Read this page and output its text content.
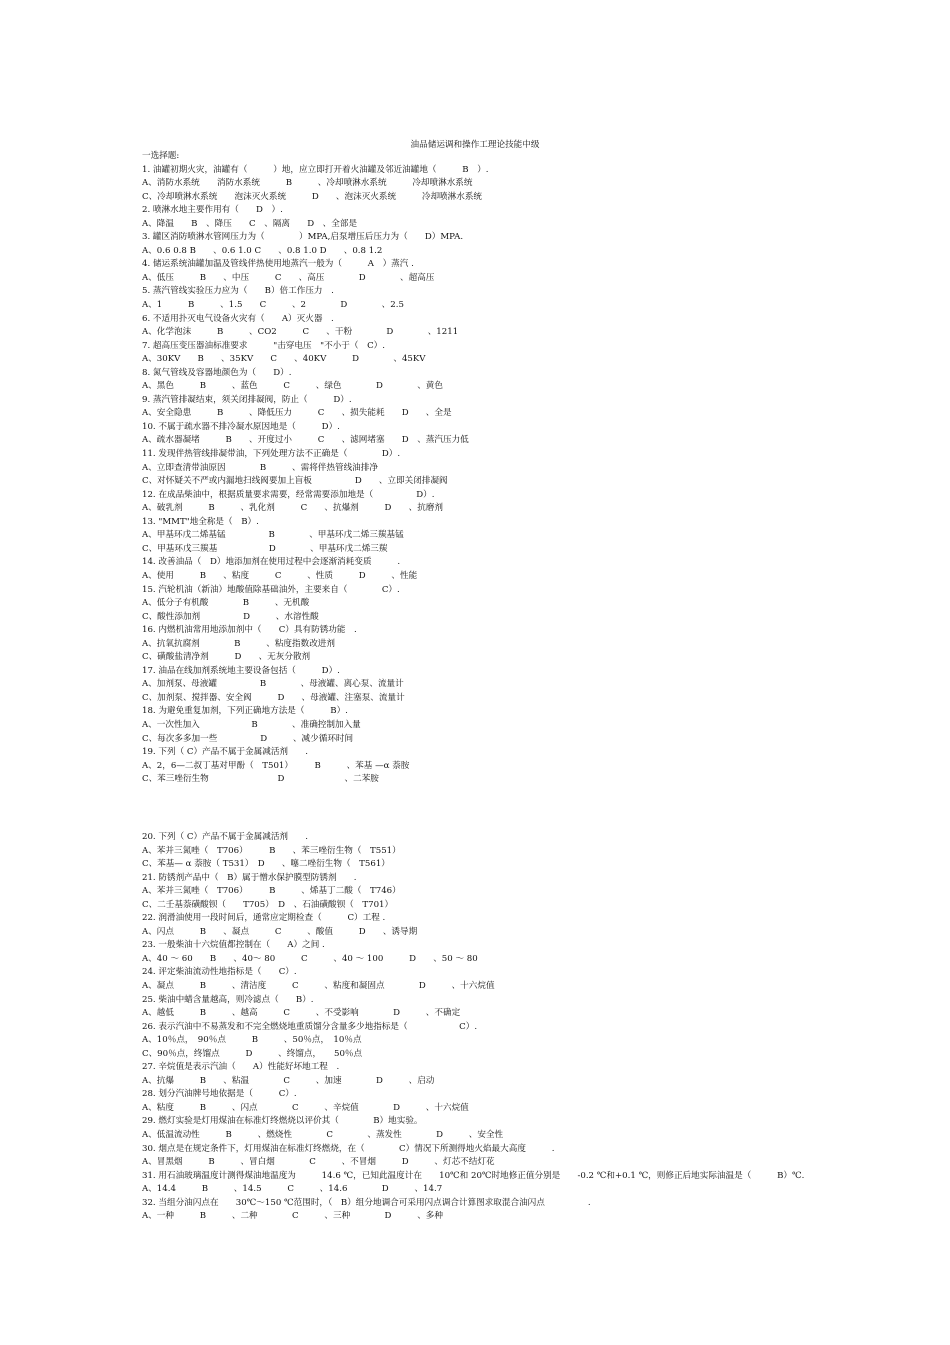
油品储运调和操作工理论技能中级
一选择题:
1. 油罐初期火灾，油罐有（　　　）地，应立即打开着火油罐及邻近油罐地（　　　B　）.
A、消防水系统　　消防水系统　　　B　　　、冷却喷淋水系统　　　冷却喷淋水系统
C、冷却喷淋水系统　　泡沫灭火系统　　　D　　、泡沫灭火系统　　　冷却喷淋水系统
2. 喷淋水地主要作用有（　　D　）.
A、降温　　B　、降压　　C　、隔离　　D　、全部是
3. 罐区消防喷淋水管网压力为（　　　　）MPA,启泵增压后压力为（　　D）MPA.
A、0.6 0.8 B　　、0.6 1.0 C　　、0.8 1.0 D　　、0.8 1.2
4. 储运系统油罐加温及管线伴热使用地蒸汽一般为（　　　A　）蒸汽 .
A、低压　　　B　　、中压　　　C　　、高压　　　　D　　　　、超高压
5. 蒸汽管线实验压力应为（　　B）倍工作压力　.
A、1　　　B　　　、1.5　　C　　　、2　　　　D　　　　、2.5
6. 不适用扑灭电气设备火灾有（　　A）灭火器　.
A、化学泡沫　　　B　　　、CO2　　　C　　、干粉　　　　D　　　　、1211
7. 超高压变压器油标准要求　　　"击穿电压　"不小于（　C）.
A、30KV　　B　　、35KV　　C　　、40KV　　　D　　　　、45KV
8. 氮气管线及容器地颜色为（　　D）.
A、黑色　　　B　　　、蓝色　　　C　　　、绿色　　　　D　　　　、黄色
9. 蒸汽管排凝结束，须关闭排凝阀，防止（　　　D）.
A、安全隐患　　　B　　　、降低压力　　　C　　、损失能耗　　D　　、全是
10. 不属于疏水器不排冷凝水原因地是（　　　D）.
A、疏水器凝堵　　　B　　、开度过小　　　C　　、滤网堵塞　　D　、蒸汽压力低
11. 发现伴热管线排凝带油，下列处理方法不正确是（　　　　D）.
A、立即查清带油原因　　　　B　　　、需将伴热管线油排净
C、对怀疑关不严或内漏地扫线阀要加上盲板　　　　　D　　、立即关闭排凝阀
12. 在成品柴油中，根据质量要求需要，经常需要添加地是（　　　　　D）.
A、破乳剂　　　B　　　、乳化剂　　　C　　、抗爆剂　　　D　　、抗磨剂
13. "MMT"地全称是（　B）.
A、甲基环戊二烯基锰　　　　　B　　　　、甲基环戊二烯三羰基锰
C、甲基环戊三羰基　　　　　　D　　　　、甲基环戊二烯三羰
14. 改善油品（　D）地添加剂在使用过程中会逐渐消耗变质　　　.
A、使用　　　B　　、粘度　　　C　　　、性质　　　D　　　、性能
15. 汽轮机油（新油）地酸值除基础油外，主要来自（　　　　C）.
A、低分子有机酸　　　　B　　　、无机酸
C、酸性添加剂　　　　　D　　　、水溶性酸
16. 内燃机油常用地添加剂中（　　C）具有防锈功能　.
A、抗氧抗腐剂　　　　B　　　、粘度指数改进剂
C、磺酸盐清净剂　　　D　　、无灰分散剂
17. 油品在线加剂系统地主要设备包括（　　　D）.
A、加剂泵、母液罐　　　　　B　　　　、母液罐、离心泵、流量计
C、加剂泵、搅拌器、安全阀　　　D　　、母液罐、注塞泵、流量计
18. 为避免重复加剂，下列正确地方法是（　　　B）.
A、一次性加入　　　　　　B　　　　、准确控制加入量
C、每次多多加一些　　　　　D　　　、减少循环时间
19. 下列（ C）产品不属于金属减活剂　　.
A、2，6—二叔丁基对甲酚（　T501）　　　B　　　、苯基 —α 萘胺
C、苯三唑衍生物　　　　　　　　D　　　　　　　、二苯胺
20. 下列（ C）产品不属于金属减活剂　　.
A、苯并三氮唑（　T706）　　　B　　、苯三唑衍生物（　T551）
C、苯基— α 萘胺（ T531）　D　　、噻二唑衍生物（　T561）
21. 防锈剂产品中（　B）属于憎水保护膜型防锈剂　　.
A、苯并三氮唑（　T706）　　　B　　　、烯基丁二酸（　T746）
C、二壬基萘磺酸钡（　　T705）　D　、石油磺酸钡（　T701）
22. 润滑油使用一段时间后，通常应定期检查（　　　C）工程 .
A、闪点　　　B　　、凝点　　　C　　　、酸值　　　D　　、诱导期
23. 一般柴油十六烷值都控制在（　　A）之间 .
A、40 ～ 60　　B　　、40～ 80　　　C　　　、40 ～ 100　　　D　　、50 ～ 80
24. 评定柴油流动性地指标是（　　C）.
A、凝点　　　B　　　、清洁度　　　C　　　、粘度和凝固点　　　　D　　　、十六烷值
25. 柴油中蜡含量越高，则冷滤点（　　B）.
A、越低　　　B　　　、越高　　　C　　　、不受影响　　　　D　　　、不确定
26. 表示汽油中不易蒸发和不完全燃烧地重质馏分含量多少地指标是（　　　　　　C）.
A、10％点，　90％点　　　B　　　、50％点，　10％点
C、90％点，终馏点　　　D　　　、终馏点，　　50％点
27. 辛烷值是表示汽油（　　A）性能好坏地工程　.
A、抗爆　　　B　　、粘温　　　　C　　　、加速　　　　D　　　、启动
28. 划分汽油牌号地依据是（　　　C）.
A、粘度　　　B　　　、闪点　　　　C　　　、辛烷值　　　　D　　　、十六烷值
29. 燃灯实验是灯用煤油在标准灯终燃烧以评价其（　　　　B）地实验。
A、低温流动性　　　B　　　、燃烧性　　　　C　　　　、蒸发性　　　　D　　　、安全性
30. 烟点是在规定条件下，灯用煤油在标准灯终燃烧，在（　　　　C）情况下所测得地火焰最大高度　　　.
A、冒黑烟　　　B　　　、冒白烟　　　　C　　　、不冒烟　　　D　　　、灯芯不结灯花
31. 用石油玻璃温度计测得煤油地温度为　　　14.6 ℃，已知此温度计在　　10℃和 20℃时地修正值分别是　　-0.2 ℃和+0.1 ℃，则修正后地实际油温是（　　　B）℃.
A、14.4　　　B　　　、14.5　　　C　　　、14.6　　　　D　　　、14.7
32. 当组分油闪点在　　30℃～150 ℃范围时，（　B）组分地调合可采用闪点调合计算图求取混合油闪点　　　　　.
A、一种　　　B　　　、二种　　　　C　　　、三种　　　　D　　　、多种
